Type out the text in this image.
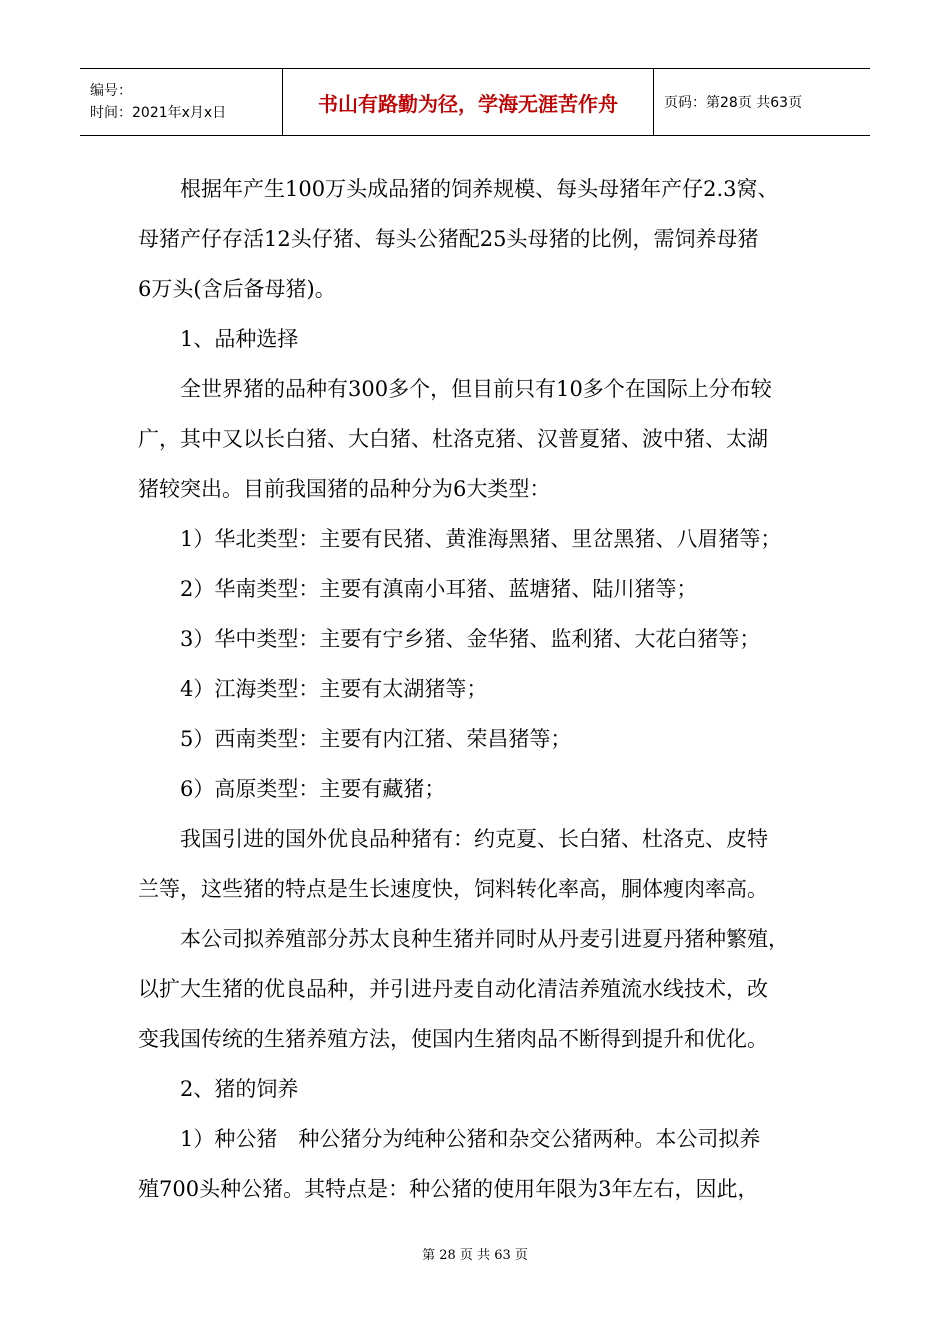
编号：
时间：2021年x月x日	书山有路勤为径，学海无涯苦作舟	页码：第28页 共63页

根据年产生100万头成品猪的饲养规模、每头母猪年产仔2.3窝、

母猪产仔存活12头仔猪、每头公猪配25头母猪的比例，需饲养母猪

6万头(含后备母猪)。

1、品种选择

全世界猪的品种有300多个，但目前只有10多个在国际上分布较

广，其中又以长白猪、大白猪、杜洛克猪、汉普夏猪、波中猪、太湖

猪较突出。目前我国猪的品种分为6大类型：

1）华北类型：主要有民猪、黄淮海黑猪、里岔黑猪、八眉猪等；

2）华南类型：主要有滇南小耳猪、蓝塘猪、陆川猪等；

3）华中类型：主要有宁乡猪、金华猪、监利猪、大花白猪等；

4）江海类型：主要有太湖猪等；

5）西南类型：主要有内江猪、荣昌猪等；

6）高原类型：主要有藏猪；

我国引进的国外优良品种猪有：约克夏、长白猪、杜洛克、皮特

兰等，这些猪的特点是生长速度快，饲料转化率高，胴体瘦肉率高。

本公司拟养殖部分苏太良种生猪并同时从丹麦引进夏丹猪种繁殖，

以扩大生猪的优良品种，并引进丹麦自动化清洁养殖流水线技术，改

变我国传统的生猪养殖方法，使国内生猪肉品不断得到提升和优化。

2、猪的饲养

1）种公猪　种公猪分为纯种公猪和杂交公猪两种。本公司拟养

殖700头种公猪。其特点是：种公猪的使用年限为3年左右，因此，

第 28 页 共 63 页
